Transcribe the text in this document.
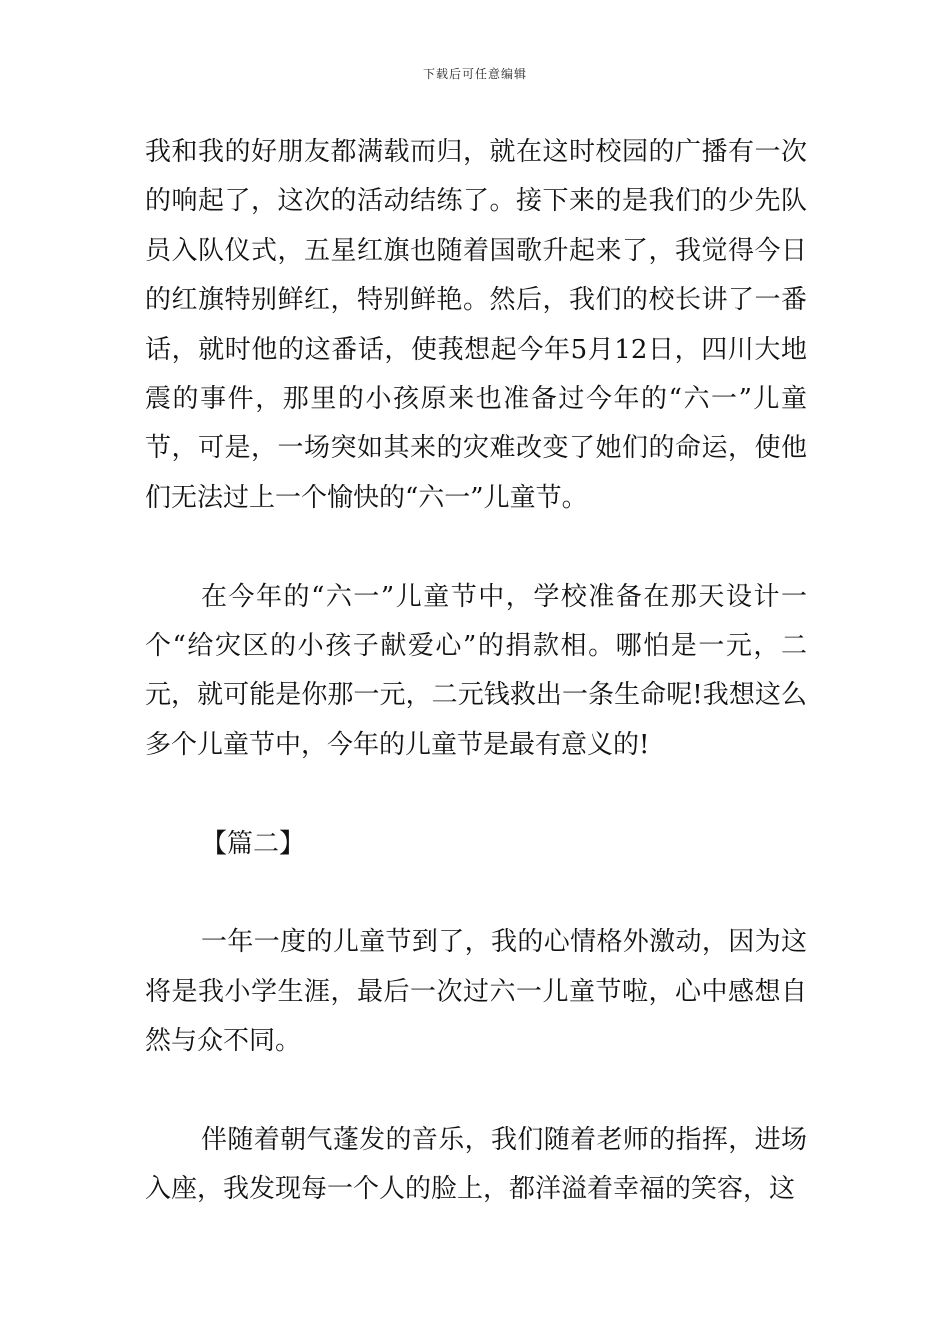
下载后可任意编辑

我和我的好朋友都满载而归，就在这时校园的广播有一次的响起了，这次的活动结练了。接下来的是我们的少先队员入队仪式，五星红旗也随着国歌升起来了，我觉得今日的红旗特别鲜红，特别鲜艳。然后，我们的校长讲了一番话，就时他的这番话，使莪想起今年5月12日，四川大地震的事件，那里的小孩原来也准备过今年的“六一”儿童节，可是，一场突如其来的灾难改变了她们的命运，使他们无法过上一个愉快的“六一”儿童节。

在今年的“六一”儿童节中，学校准备在那天设计一个“给灾区的小孩子献爱心”的捐款相。哪怕是一元，二元，就可能是你那一元，二元钱救出一条生命呢!我想这么多个儿童节中，今年的儿童节是最有意义的!

【篇二】

一年一度的儿童节到了，我的心情格外激动，因为这将是我小学生涯，最后一次过六一儿童节啦，心中感想自然与众不同。

伴随着朝气蓬发的音乐，我们随着老师的指挥，进场入座，我发现每一个人的脸上，都洋溢着幸福的笑容，这
